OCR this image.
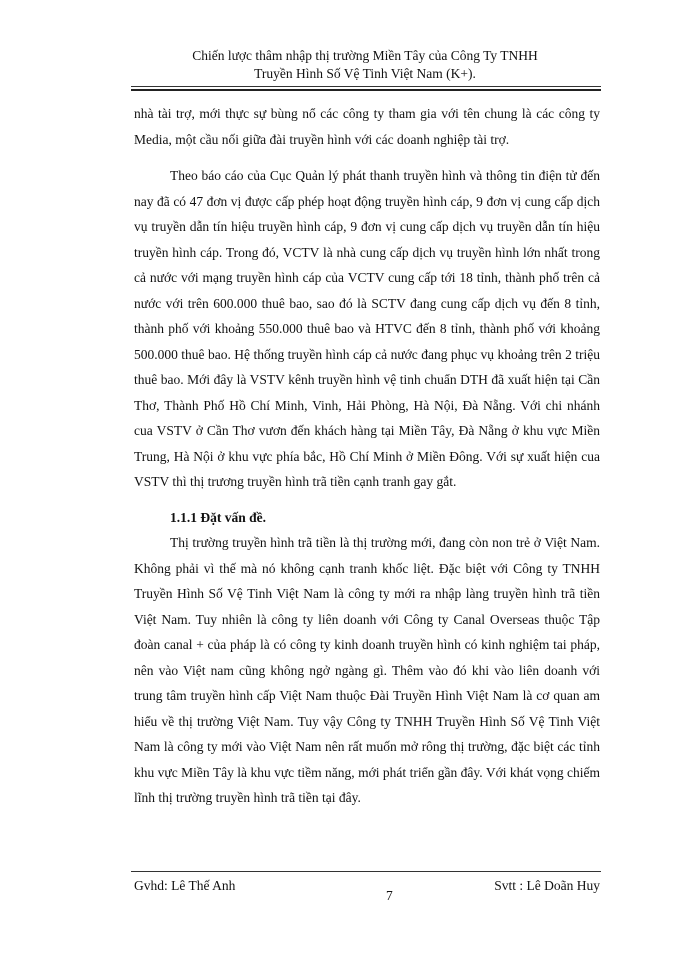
Chiến lược thâm nhập thị trường Miền Tây của Công Ty TNHH
Truyền Hình Số Vệ Tinh Việt Nam (K+).

nhà tài trợ, mới thực sự bùng nổ các công ty tham gia với tên chung là các công ty Media, một cầu nối giữa đài truyền hình với các doanh nghiệp tài trợ.

Theo báo cáo của Cục Quản lý phát thanh truyền hình và thông tin điện tử đến nay đã có 47 đơn vị được cấp phép hoạt động truyền hình cáp, 9 đơn vị cung cấp dịch vụ truyền dẫn tín hiệu truyền hình cáp, 9 đơn vị cung cấp dịch vụ truyền dẫn tín hiệu truyền hình cáp. Trong đó, VCTV là nhà cung cấp dịch vụ truyền hình lớn nhất trong cả nước với mạng truyền hình cáp của VCTV cung cấp tới 18 tỉnh, thành phố trên cả nước với trên 600.000 thuê bao, sao đó là SCTV đang cung cấp dịch vụ đến 8 tỉnh, thành phố với khoảng 550.000 thuê bao và HTVC đến 8 tỉnh, thành phố với khoảng 500.000 thuê bao. Hệ thống truyền hình cáp cả nước đang phục vụ khoảng trên 2 triệu thuê bao. Mới đây là VSTV kênh truyền hình vệ tinh chuẩn DTH đã xuất hiện tại Cần Thơ, Thành Phố Hồ Chí Minh, Vinh, Hải Phòng, Hà Nội, Đà Nẵng. Với chi nhánh cua VSTV ở Cần Thơ vươn đến khách hàng tại Miền Tây, Đà Nẵng ở khu vực Miền Trung, Hà Nội ở khu vực phía bắc, Hồ Chí Minh ở Miền Đông. Với sự xuất hiện cua VSTV thì thị trương truyền hình trã tiền cạnh tranh gay gắt.

1.1.1 Đặt vấn đề.

Thị trường truyền hình trã tiền là thị trường mới, đang còn non trẻ ở Việt Nam. Không phải vì thế mà nó không cạnh tranh khốc liệt. Đặc biệt với Công ty TNHH Truyền Hình Số Vệ Tinh Việt Nam là công ty mới ra nhập làng truyền hình trã tiền Việt Nam. Tuy nhiên là công ty liên doanh với Công ty Canal Overseas thuộc Tập đoàn canal + của pháp là có công ty kinh doanh truyền hình có kinh nghiệm tai pháp, nên vào Việt nam cũng không ngở ngàng gì. Thêm vào đó khi vào liên doanh với trung tâm truyền hình cấp Việt Nam thuộc Đài Truyền Hình Việt Nam là cơ quan am hiểu về thị trường Việt Nam. Tuy vậy Công ty TNHH Truyền Hình Số Vệ Tinh Việt Nam là công ty mới vào Việt Nam nên rất muốn mở rông thị trường, đặc biệt các tỉnh khu vực Miền Tây là khu vực tiềm năng, mới phát triển gần đây. Với khát vọng chiếm lĩnh thị trường truyền hình trã tiền tại đây.

Gvhd: Lê Thế Anh
7
Svtt : Lê Doãn Huy
